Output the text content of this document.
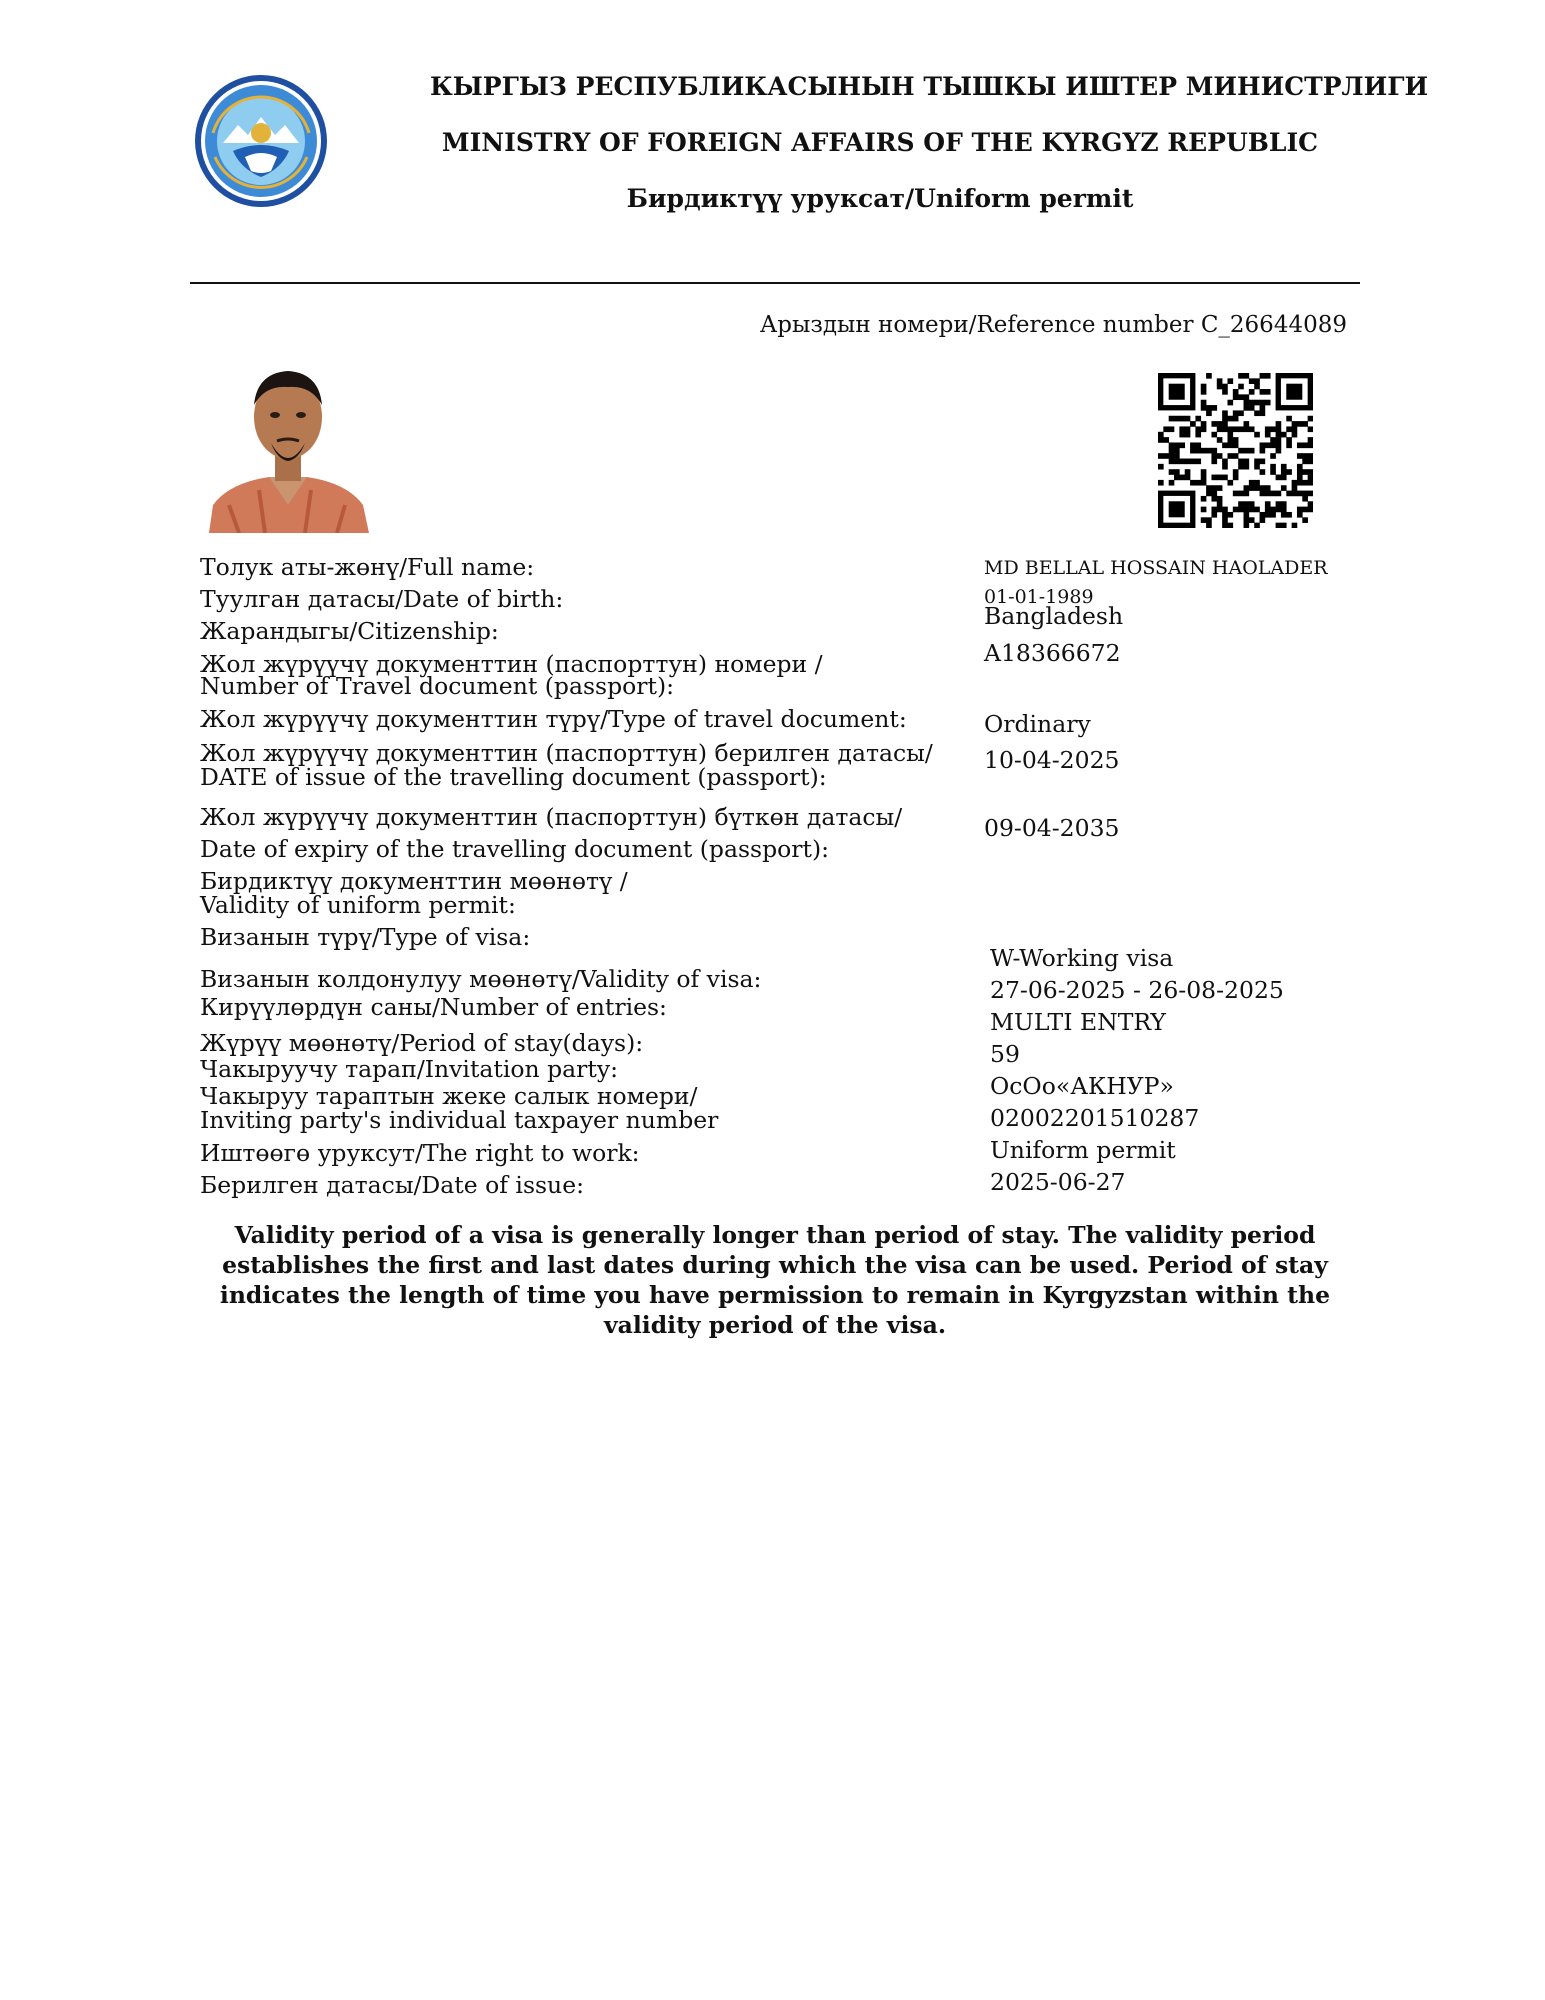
КЫРГЫЗ РЕСПУБЛИКАСЫНЫН ТЫШКЫ ИШТЕР МИНИСТРЛИГИ
MINISTRY OF FOREIGN AFFAIRS OF THE KYRGYZ REPUBLIC
Бирдиктүү уруксат/Uniform permit
Арыздын номери/Reference number C_26644089
Толук аты-жөнү/Full name:	MD BELLAL HOSSAIN HAOLADER
Туулган датасы/Date of birth:	01-01-1989
Жарандыгы/Citizenship:
Bangladesh
Жол жүрүүчү документтин (паспорттун) номери /
Number of Travel document (passport):
A18366672
Жол жүрүүчү документтин түрү/Type of travel document:	Ordinary
Жол жүрүүчү документтин (паспорттун) берилген датасы/
DATE of issue of the travelling document (passport):
10-04-2025
Жол жүрүүчү документтин (паспорттун) бүткөн датасы/
Date of expiry of the travelling document (passport):
09-04-2035
Бирдиктүү документтин мөөнөтү /
Validity of uniform permit:
Визанын түрү/Type of visa:
W-Working visa
Визанын колдонулуу мөөнөтү/Validity of visa:	27-06-2025 - 26-08-2025
Кирүүлөрдүн саны/Number of entries:
MULTI ENTRY
Жүрүү мөөнөтү/Period of stay(days):	59
Чакыруучу тарап/Invitation party:
ОсОо«АКНУР»
Чакыруу тараптын жеке салык номери/
Inviting party's individual taxpayer number	02002201510287
Иштөөгө уруксут/The right to work:	Uniform permit
Берилген датасы/Date of issue:	2025-06-27
Validity period of a visa is generally longer than period of stay. The validity period establishes the first and last dates during which the visa can be used. Period of stay indicates the length of time you have permission to remain in Kyrgyzstan within the validity period of the visa.
